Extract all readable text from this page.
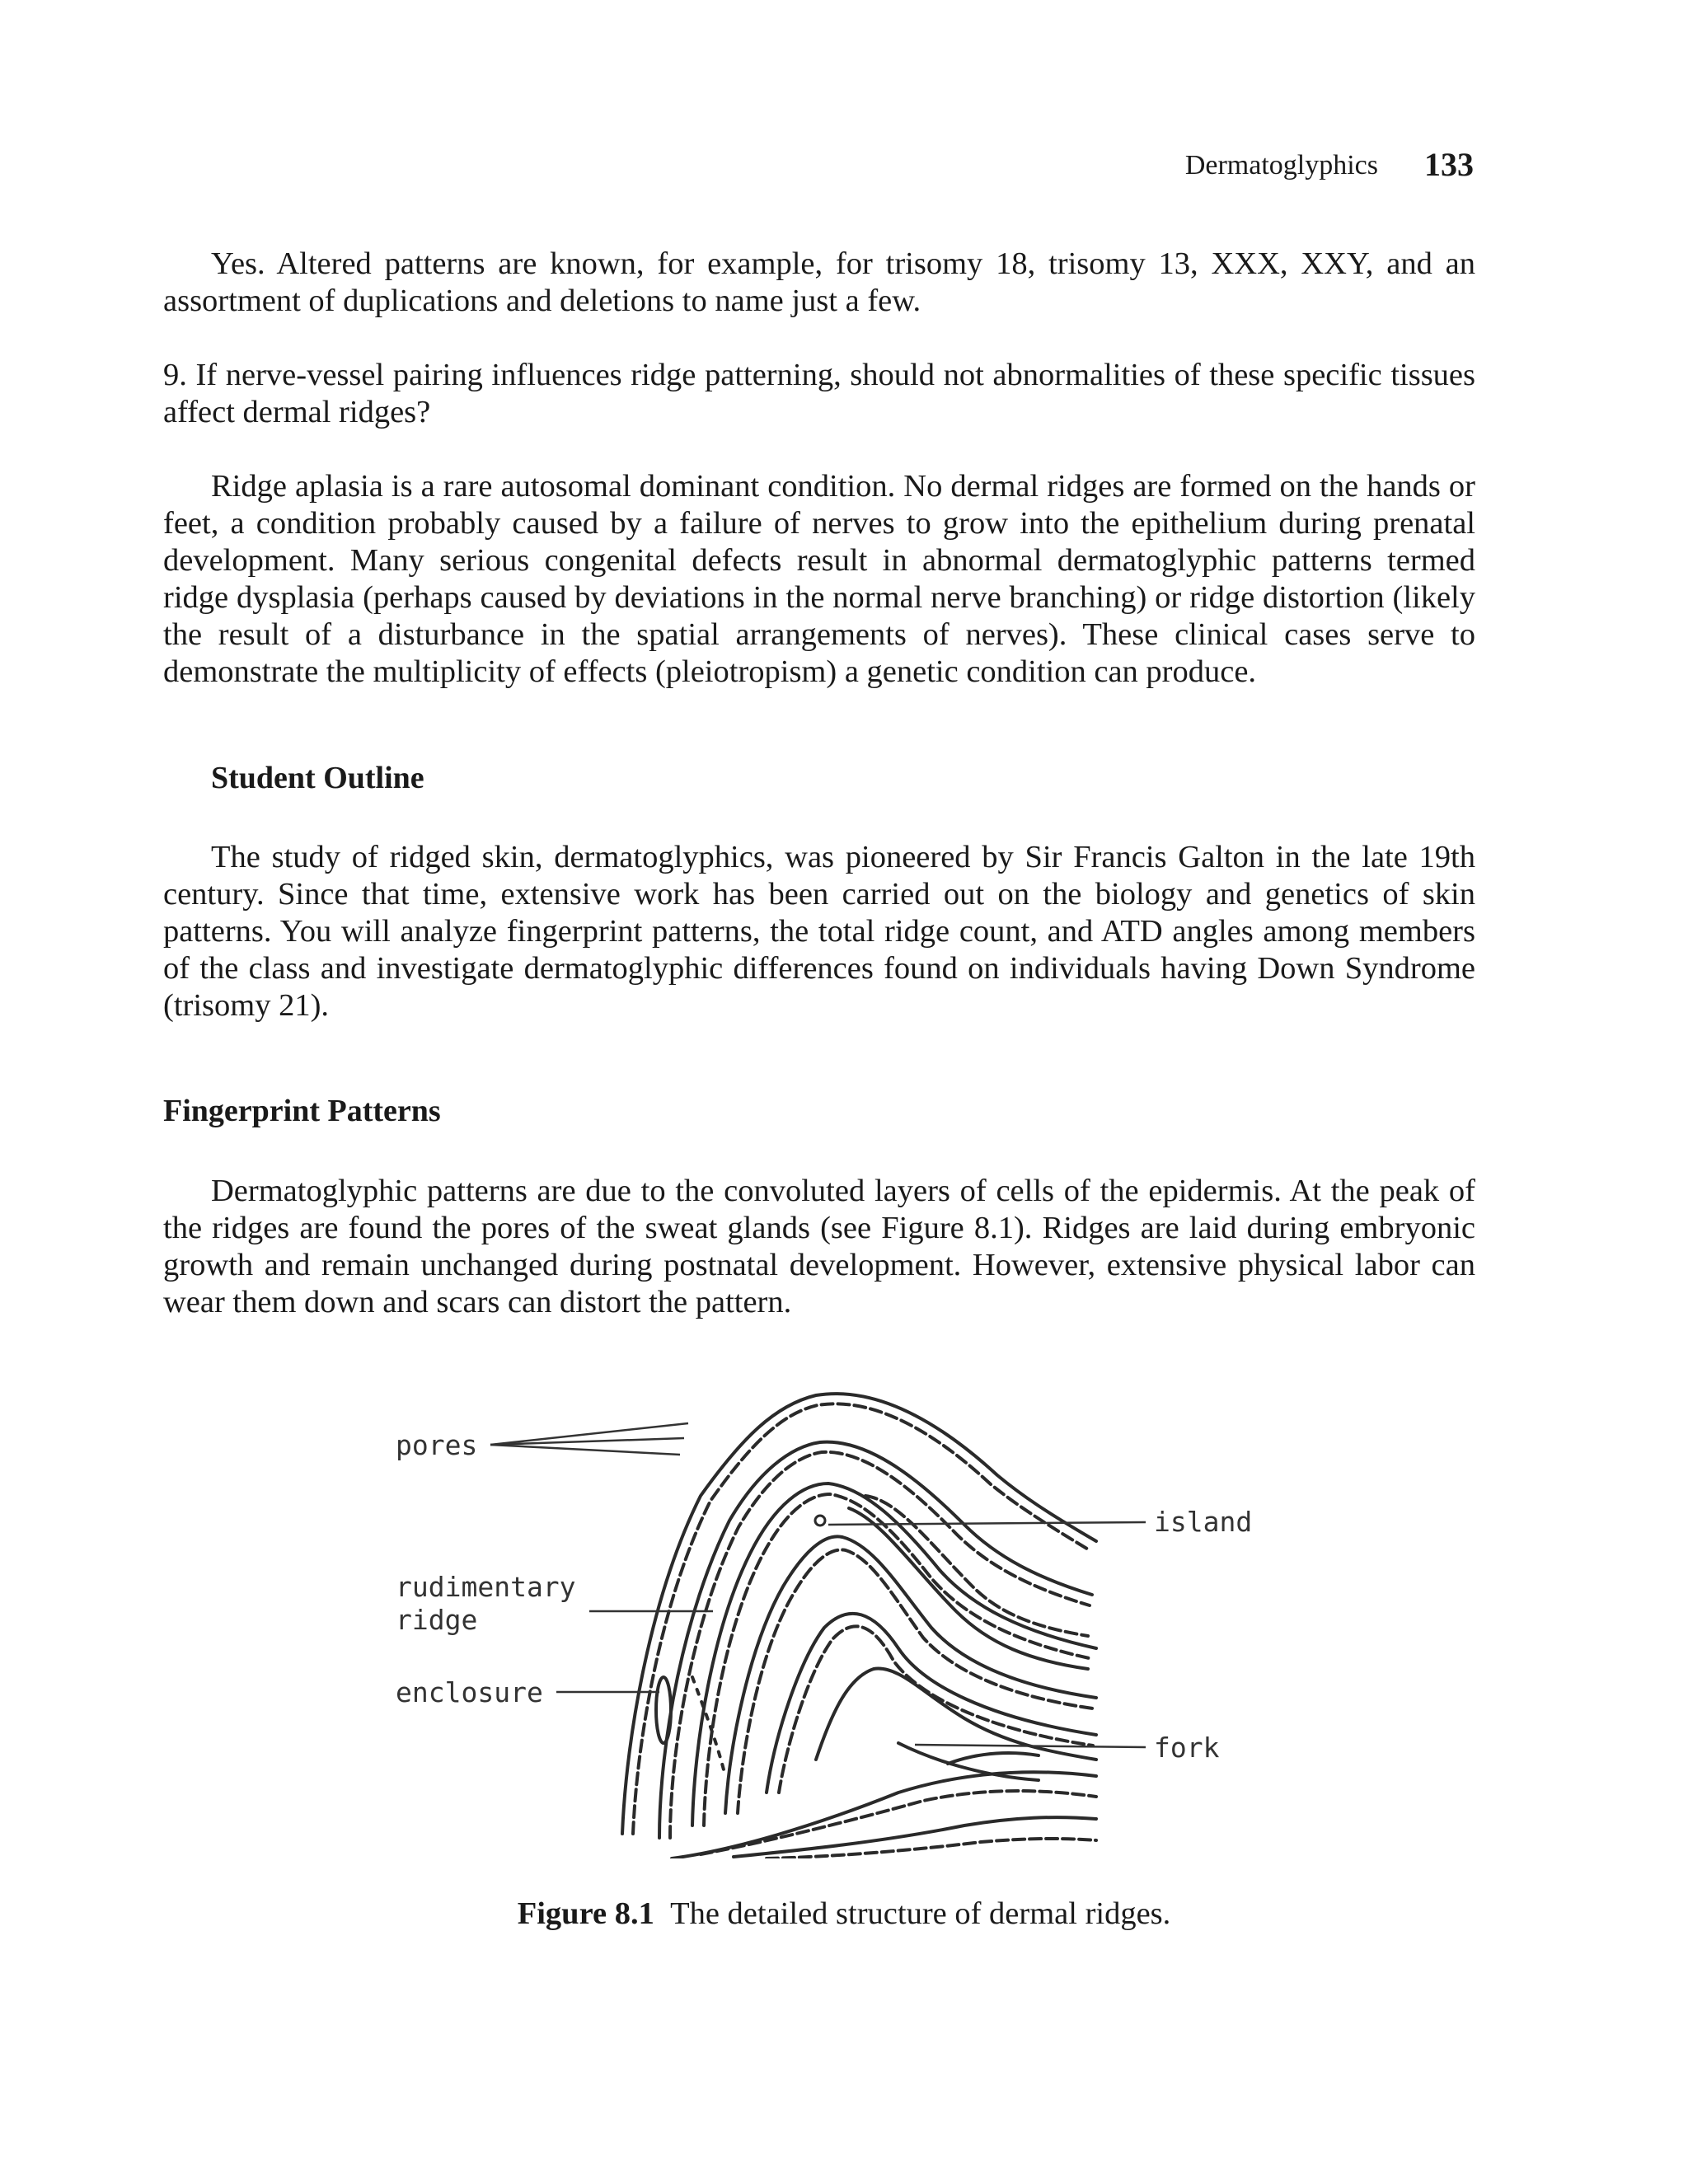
Dermatoglyphics	133

Yes. Altered patterns are known, for example, for trisomy 18, trisomy 13, XXX, XXY, and an assortment of duplications and deletions to name just a few.

9. If nerve-vessel pairing influences ridge patterning, should not abnormalities of these specific tissues affect dermal ridges?

Ridge aplasia is a rare autosomal dominant condition. No dermal ridges are formed on the hands or feet, a condition probably caused by a failure of nerves to grow into the epithelium during prenatal development. Many serious congenital defects result in abnormal dermatoglyphic patterns termed ridge dysplasia (perhaps caused by deviations in the normal nerve branching) or ridge distortion (likely the result of a disturbance in the spatial arrangements of nerves). These clinical cases serve to demonstrate the multiplicity of effects (pleiotropism) a genetic condition can produce.

Student Outline

The study of ridged skin, dermatoglyphics, was pioneered by Sir Francis Galton in the late 19th century. Since that time, extensive work has been carried out on the biology and genetics of skin patterns. You will analyze fingerprint patterns, the total ridge count, and ATD angles among members of the class and investigate dermatoglyphic differences found on individuals having Down Syndrome (trisomy 21).

Fingerprint Patterns

Dermatoglyphic patterns are due to the convoluted layers of cells of the epidermis. At the peak of the ridges are found the pores of the sweat glands (see Figure 8.1). Ridges are laid during embryonic growth and remain unchanged during postnatal development. However, extensive physical labor can wear them down and scars can distort the pattern.

pores
rudimentary
ridge
enclosure
island
fork
Figure 8.1 The detailed structure of dermal ridges.
